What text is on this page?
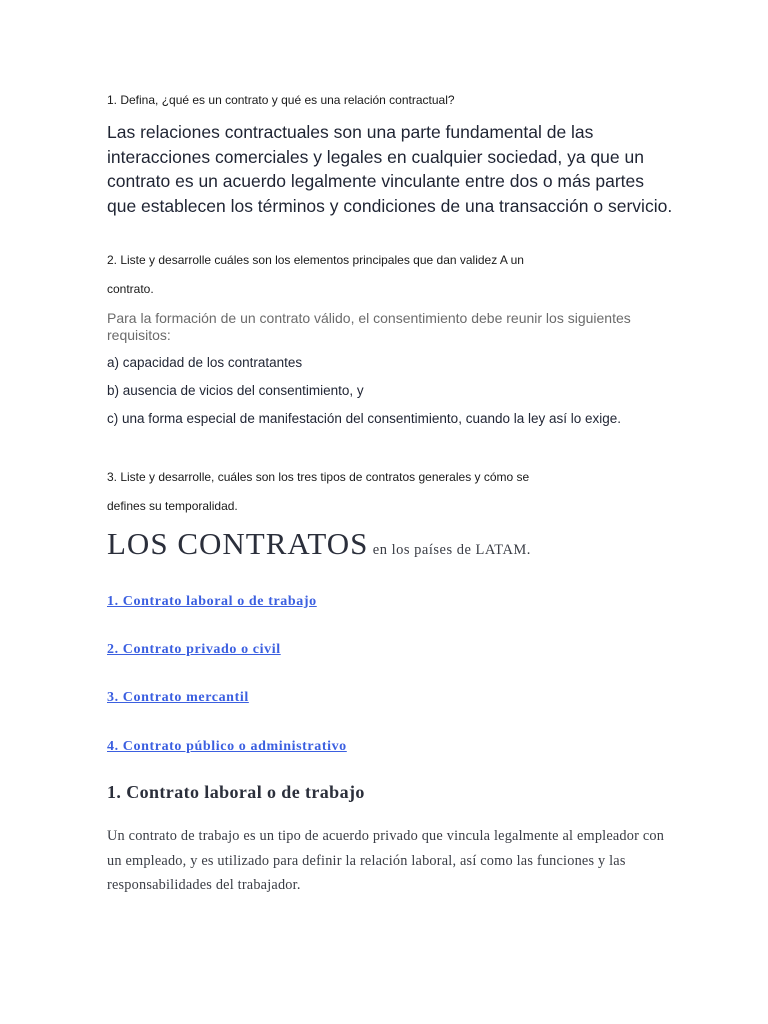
1. Defina, ¿qué es un contrato y qué es una relación contractual?

Las relaciones contractuales son una parte fundamental de las interacciones comerciales y legales en cualquier sociedad, ya que un contrato es un acuerdo legalmente vinculante entre dos o más partes que establecen los términos y condiciones de una transacción o servicio.

2. Liste y desarrolle cuáles son los elementos principales que dan validez A un

contrato.

Para la formación de un contrato válido, el consentimiento debe reunir los siguientes requisitos:

a) capacidad de los contratantes

b) ausencia de vicios del consentimiento, y

c) una forma especial de manifestación del consentimiento, cuando la ley así lo exige.

3. Liste y desarrolle, cuáles son los tres tipos de contratos generales y cómo se

defines su temporalidad.

LOS CONTRATOS en los países de LATAM.
1. Contrato laboral o de trabajo
2. Contrato privado o civil
3. Contrato mercantil
4. Contrato público o administrativo
1. Contrato laboral o de trabajo

Un contrato de trabajo es un tipo de acuerdo privado que vincula legalmente al empleador con un empleado, y es utilizado para definir la relación laboral, así como las funciones y las responsabilidades del trabajador.
